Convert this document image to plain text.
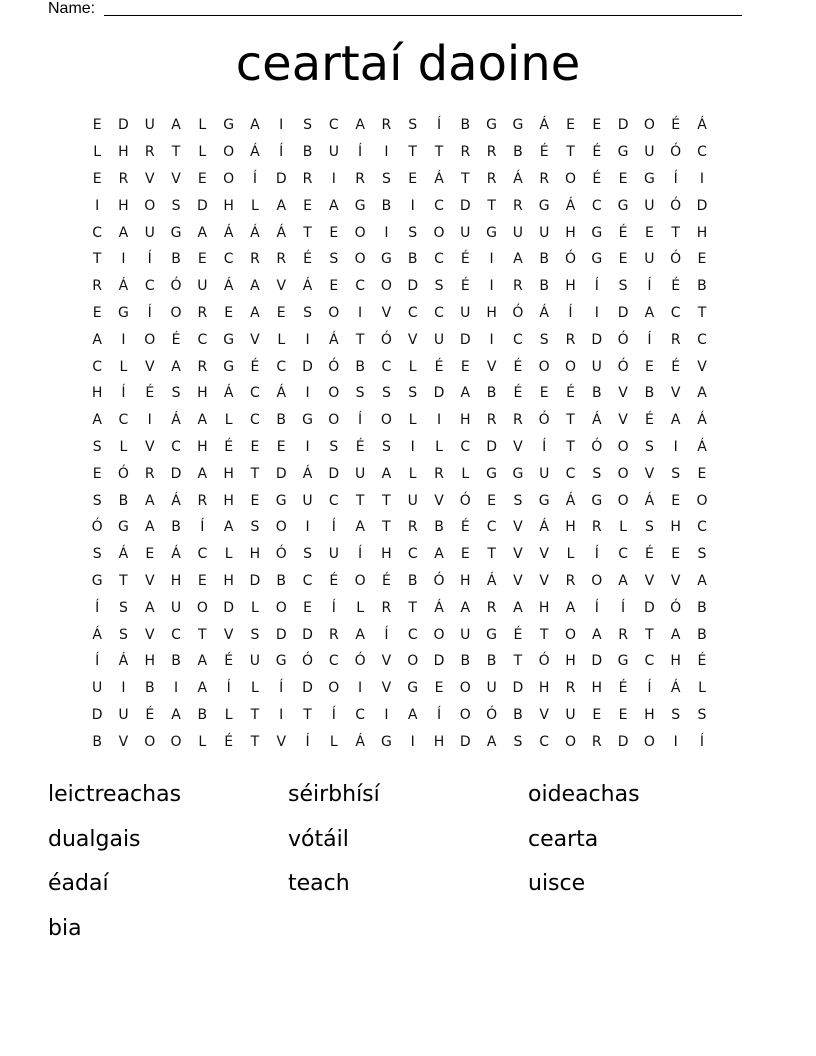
Name:
ceartaí daoine
E	D	U	A	L	G	A	I	S	C	A	R	S	Í	B	G	G	Á	E	E	D	O	É	Á
L	H	R	T	L	O	Á	Í	B	U	Í	I	T	T	R	R	B	É	T	É	G	U	Ó	C
E	R	V	V	E	O	Í	D	R	I	R	S	E	Á	T	R	Á	R	O	É	E	G	Í	I
I	H	O	S	D	H	L	A	E	A	G	B	I	C	D	T	R	G	Á	C	G	U	Ó	D
C	A	U	G	A	Á	Á	Á	T	E	O	I	S	O	U	G	U	U	H	G	É	E	T	H
T	I	Í	B	E	C	R	R	É	S	O	G	B	C	É	I	A	B	Ó	G	E	U	Ó	E
R	Á	C	Ó	U	Á	A	V	Á	E	C	O	D	S	É	I	R	B	H	Í	S	Í	É	B
E	G	Í	O	R	E	A	E	S	O	I	V	C	C	U	H	Ó	Á	Í	I	D	A	C	T
A	I	O	É	C	G	V	L	I	Á	T	Ó	V	U	D	I	C	S	R	D	Ó	Í	R	C
C	L	V	A	R	G	É	C	D	Ó	B	C	L	É	E	V	É	O	O	U	Ó	E	É	V
H	Í	É	S	H	Á	C	Á	I	O	S	S	S	D	A	B	É	E	É	B	V	B	V	A
A	C	I	Á	A	L	C	B	G	O	Í	O	L	I	H	R	R	Ó	T	Á	V	É	A	Á
S	L	V	C	H	É	E	E	I	S	É	S	I	L	C	D	V	Í	T	Ó	O	S	I	Á
E	Ó	R	D	A	H	T	D	Á	D	U	A	L	R	L	G	G	U	C	S	O	V	S	E
S	B	A	Á	R	H	E	G	U	C	T	T	U	V	Ó	E	S	G	Á	G	O	Á	E	O
Ó	G	A	B	Í	A	S	O	I	Í	A	T	R	B	É	C	V	Á	H	R	L	S	H	C
S	Á	E	Á	C	L	H	Ó	S	U	Í	H	C	A	E	T	V	V	L	Í	C	É	E	S
G	T	V	H	E	H	D	B	C	É	O	É	B	Ó	H	Á	V	V	R	O	A	V	V	A
Í	S	A	U	O	D	L	O	E	Í	L	R	T	Á	A	R	A	H	A	Í	Í	D	Ó	B
Á	S	V	C	T	V	S	D	D	R	A	Í	C	O	U	G	É	T	O	A	R	T	A	B
Í	Á	H	B	A	É	U	G	Ó	C	Ó	V	O	D	B	B	T	Ó	H	D	G	C	H	É
U	I	B	I	A	Í	L	Í	D	O	I	V	G	E	O	U	D	H	R	H	É	Í	Á	L
D	U	É	A	B	L	T	I	T	Í	C	I	A	Í	O	Ó	B	V	U	E	E	H	S	S
B	V	O	O	L	É	T	V	Í	L	Á	G	I	H	D	A	S	C	O	R	D	O	I	Í
leictreachas	séirbhísí	oideachas
dualgais	vótáil	cearta
éadaí	teach	uisce
bia
